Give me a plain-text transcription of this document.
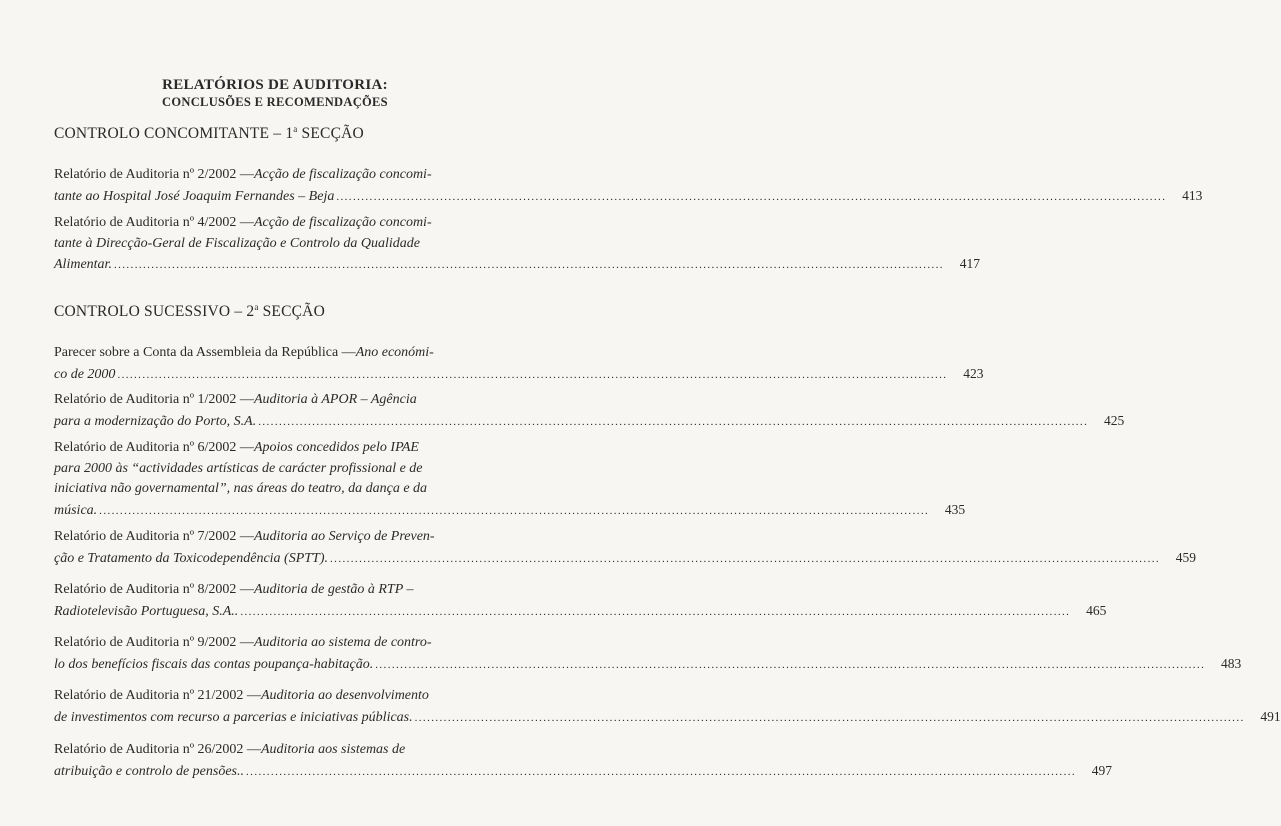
RELATÓRIOS DE AUDITORIA:
CONCLUSÕES E RECOMENDAÇÕES
CONTROLO CONCOMITANTE – 1$^a$ SECÇÃO
Relatório de Auditoria nº 2/2002 — Acção de fiscalização concomi-
tante ao Hospital José Joaquim Fernandes – Beja ........................................................................................................................................................................................................	413
Relatório de Auditoria nº 4/2002 — Acção de fiscalização concomi-
tante à Direcção-Geral de Fiscalização e Controlo da Qualidade
Alimentar. ........................................................................................................................................................................................................	417
CONTROLO SUCESSIVO – 2$^a$ SECÇÃO
Parecer sobre a Conta da Assembleia da República — Ano económi-
co de 2000 ........................................................................................................................................................................................................	423
Relatório de Auditoria nº 1/2002 — Auditoria à APOR – Agência
para a modernização do Porto, S.A. ........................................................................................................................................................................................................	425
Relatório de Auditoria nº 6/2002 — Apoios concedidos pelo IPAE
para 2000 às “actividades artísticas de carácter profissional e de
iniciativa não governamental”, nas áreas do teatro, da dança e da
música. ........................................................................................................................................................................................................	435
Relatório de Auditoria nº 7/2002 — Auditoria ao Serviço de Preven-
ção e Tratamento da Toxicodependência (SPTT). ........................................................................................................................................................................................................	459
Relatório de Auditoria nº 8/2002 — Auditoria de gestão à RTP –
Radiotelevisão Portuguesa, S.A.. ........................................................................................................................................................................................................	465
Relatório de Auditoria nº 9/2002 — Auditoria ao sistema de contro-
lo dos benefícios fiscais das contas poupança-habitação. ........................................................................................................................................................................................................	483
Relatório de Auditoria nº 21/2002 — Auditoria ao desenvolvimento
de investimentos com recurso a parcerias e iniciativas públicas. ........................................................................................................................................................................................................	491
Relatório de Auditoria nº 26/2002 — Auditoria aos sistemas de
atribuição e controlo de pensões.. ........................................................................................................................................................................................................	497
